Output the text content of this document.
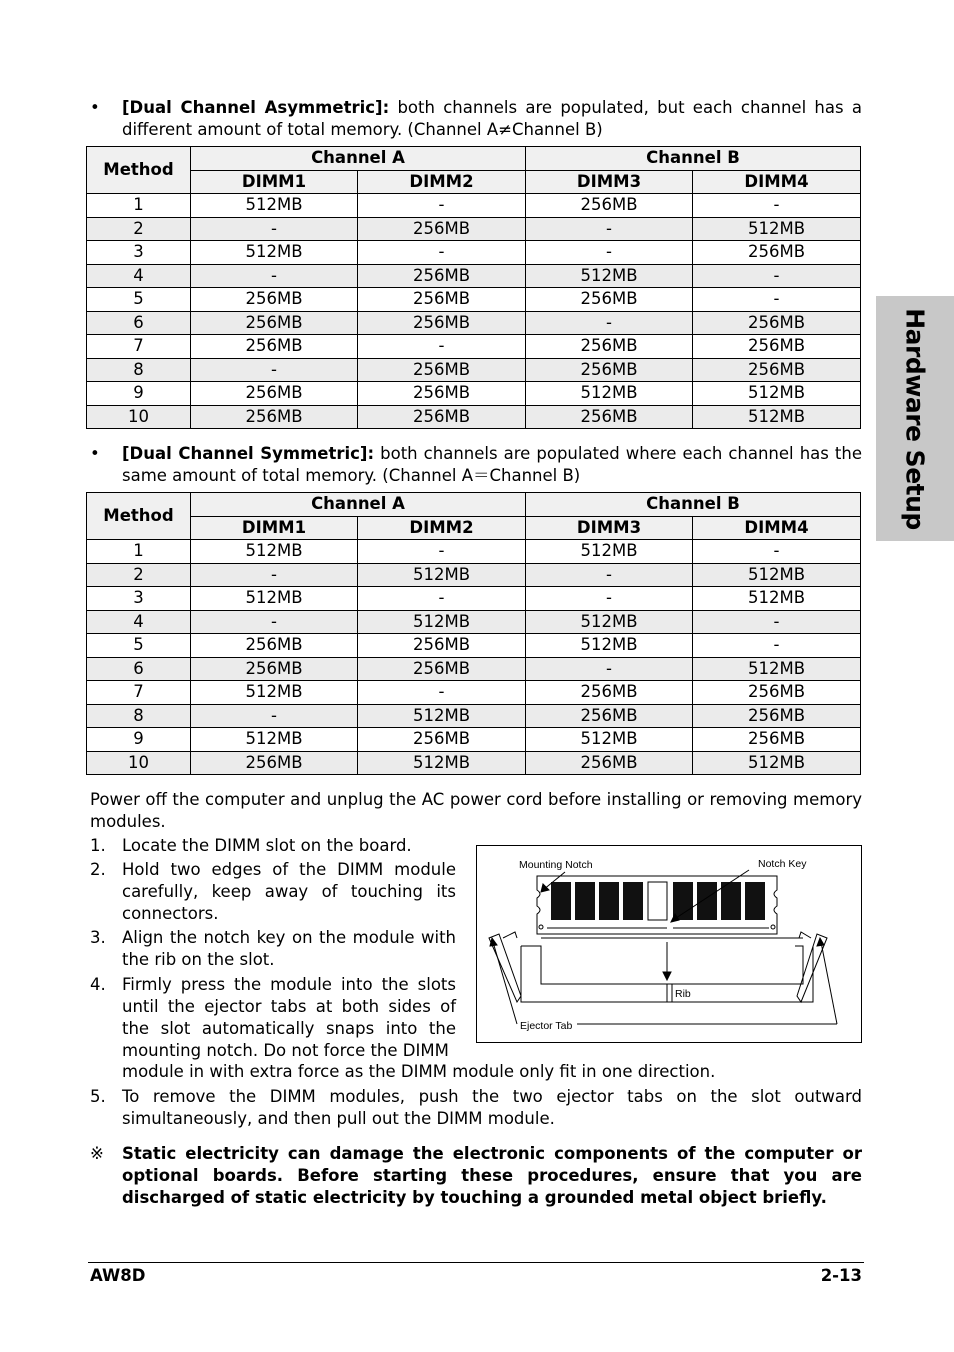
Hardware Setup
• [Dual Channel Asymmetric]: both channels are populated, but each channel has a different amount of total memory. (Channel A≠Channel B)
Method	Channel A		Channel B	
	DIMM1	DIMM2	DIMM3	DIMM4
1	512MB	-	256MB	-
2	-	256MB	-	512MB
3	512MB	-	-	256MB
4	-	256MB	512MB	-
5	256MB	256MB	256MB	-
6	256MB	256MB	-	256MB
7	256MB	-	256MB	256MB
8	-	256MB	256MB	256MB
9	256MB	256MB	512MB	512MB
10	256MB	256MB	256MB	512MB
• [Dual Channel Symmetric]: both channels are populated where each channel has the same amount of total memory. (Channel A＝Channel B)
Method	Channel A		Channel B	
	DIMM1	DIMM2	DIMM3	DIMM4
1	512MB	-	512MB	-
2	-	512MB	-	512MB
3	512MB	-	-	512MB
4	-	512MB	512MB	-
5	256MB	256MB	512MB	-
6	256MB	256MB	-	512MB
7	512MB	-	256MB	256MB
8	-	512MB	256MB	256MB
9	512MB	256MB	512MB	256MB
10	256MB	512MB	256MB	512MB
Power off the computer and unplug the AC power cord before installing or removing memory modules.
1. Locate the DIMM slot on the board.
2. Hold two edges of the DIMM module carefully, keep away of touching its connectors.
3. Align the notch key on the module with the rib on the slot.
4. Firmly press the module into the slots until the ejector tabs at both sides of the slot automatically snaps into the mounting notch. Do not force the DIMM
module in with extra force as the DIMM module only fit in one direction.
5. To remove the DIMM modules, push the two ejector tabs on the slot outward simultaneously, and then pull out the DIMM module.
Mounting Notch	Notch Key
Rib
Ejector Tab
※ Static electricity can damage the electronic components of the computer or optional boards. Before starting these procedures, ensure that you are discharged of static electricity by touching a grounded metal object briefly.
AW8D	2-13
